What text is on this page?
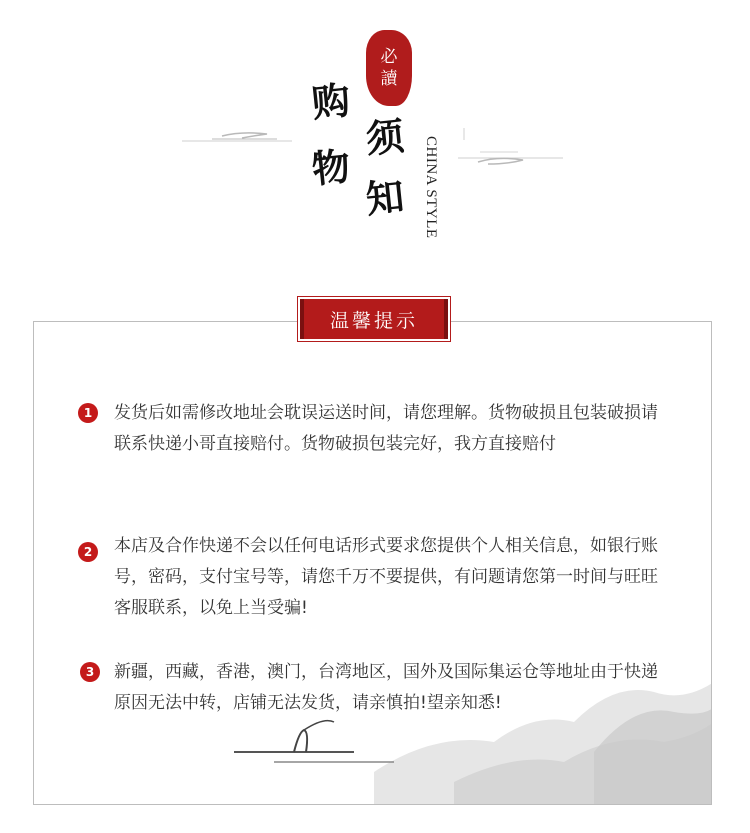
必
讀
购
物
须
知 CHINA STYLE
温馨提示
1	发货后如需修改地址会耽误运送时间，请您理解。货物破损且包装破损请联系快递小哥直接赔付。货物破损包装完好，我方直接赔付
2	本店及合作快递不会以任何电话形式要求您提供个人相关信息，如银行账号，密码，支付宝号等，请您千万不要提供，有问题请您第一时间与旺旺客服联系，以免上当受骗!
3	新疆，西藏，香港，澳门，台湾地区，国外及国际集运仓等地址由于快递原因无法中转，店铺无法发货，请亲慎拍!望亲知悉!
